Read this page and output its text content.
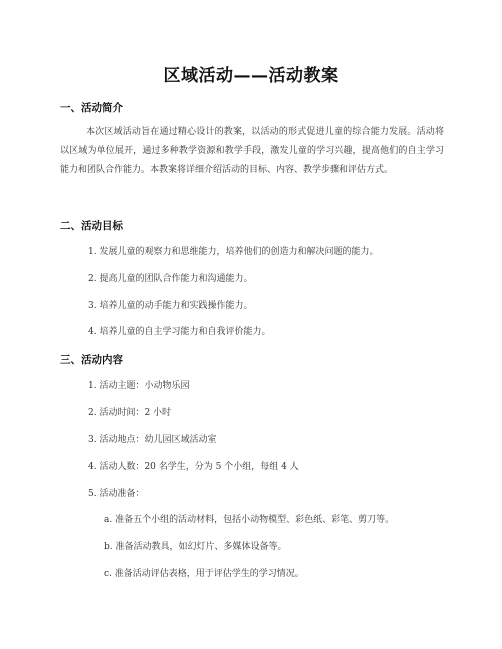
区域活动——活动教案
一、活动简介
本次区域活动旨在通过精心设计的教案，以活动的形式促进儿童的综合能力发展。活动将以区域为单位展开，通过多种教学资源和教学手段，激发儿童的学习兴趣，提高他们的自主学习能力和团队合作能力。本教案将详细介绍活动的目标、内容、教学步骤和评估方式。
二、活动目标
1. 发展儿童的观察力和思维能力，培养他们的创造力和解决问题的能力。
2. 提高儿童的团队合作能力和沟通能力。
3. 培养儿童的动手能力和实践操作能力。
4. 培养儿童的自主学习能力和自我评价能力。
三、活动内容
1. 活动主题：小动物乐园
2. 活动时间：2 小时
3. 活动地点：幼儿园区域活动室
4. 活动人数：20 名学生，分为 5 个小组，每组 4 人
5. 活动准备：
a. 准备五个小组的活动材料，包括小动物模型、彩色纸、彩笔、剪刀等。
b. 准备活动教具，如幻灯片、多媒体设备等。
c. 准备活动评估表格，用于评估学生的学习情况。
